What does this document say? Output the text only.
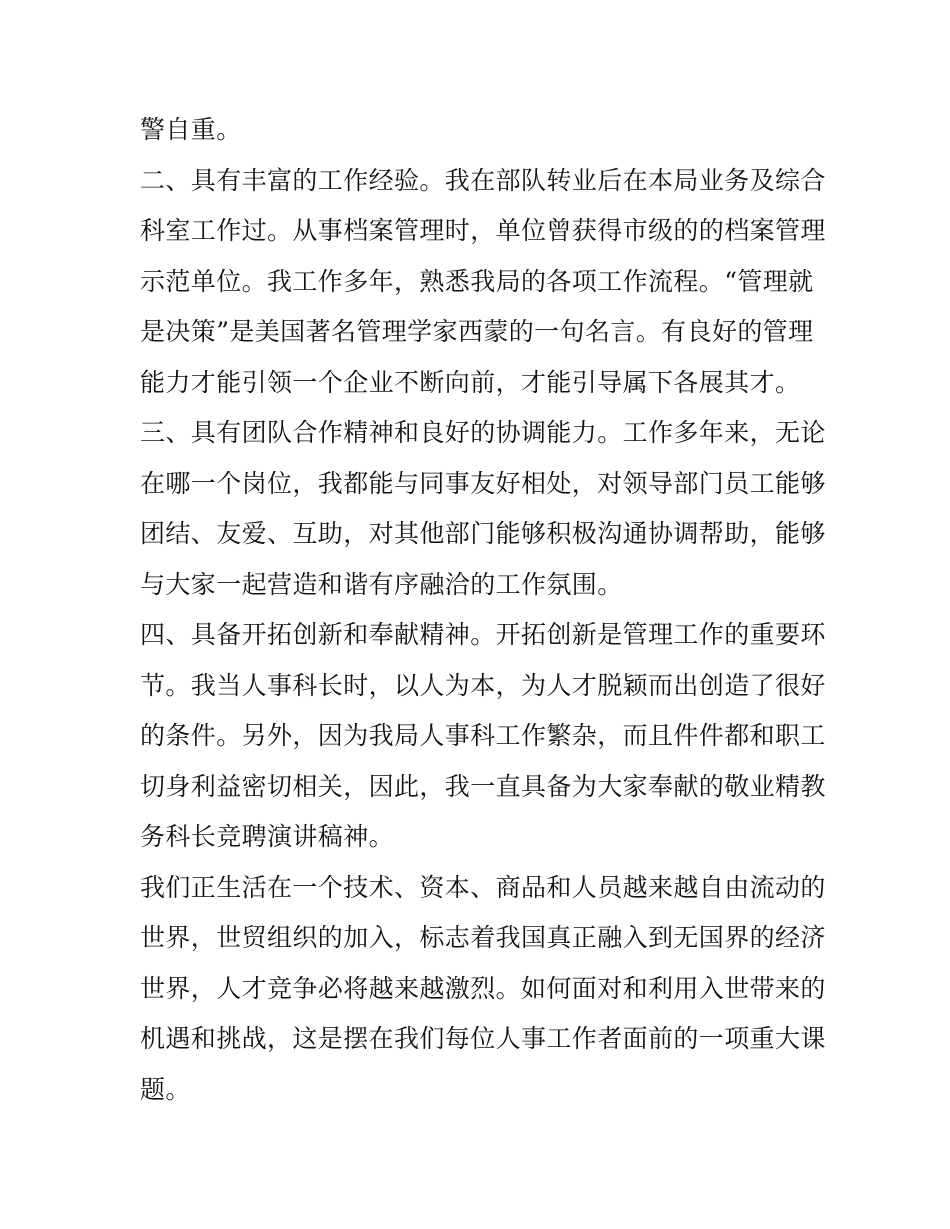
警自重。
二、具有丰富的工作经验。我在部队转业后在本局业务及综合
科室工作过。从事档案管理时，单位曾获得市级的的档案管理
示范单位。我工作多年，熟悉我局的各项工作流程。“管理就
是决策”是美国著名管理学家西蒙的一句名言。有良好的管理
能力才能引领一个企业不断向前，才能引导属下各展其才。
三、具有团队合作精神和良好的协调能力。工作多年来，无论
在哪一个岗位，我都能与同事友好相处，对领导部门员工能够
团结、友爱、互助，对其他部门能够积极沟通协调帮助，能够
与大家一起营造和谐有序融洽的工作氛围。
四、具备开拓创新和奉献精神。开拓创新是管理工作的重要环
节。我当人事科长时，以人为本，为人才脱颖而出创造了很好
的条件。另外，因为我局人事科工作繁杂，而且件件都和职工
切身利益密切相关，因此，我一直具备为大家奉献的敬业精教
务科长竞聘演讲稿神。
我们正生活在一个技术、资本、商品和人员越来越自由流动的
世界，世贸组织的加入，标志着我国真正融入到无国界的经济
世界，人才竞争必将越来越激烈。如何面对和利用入世带来的
机遇和挑战，这是摆在我们每位人事工作者面前的一项重大课
题。
